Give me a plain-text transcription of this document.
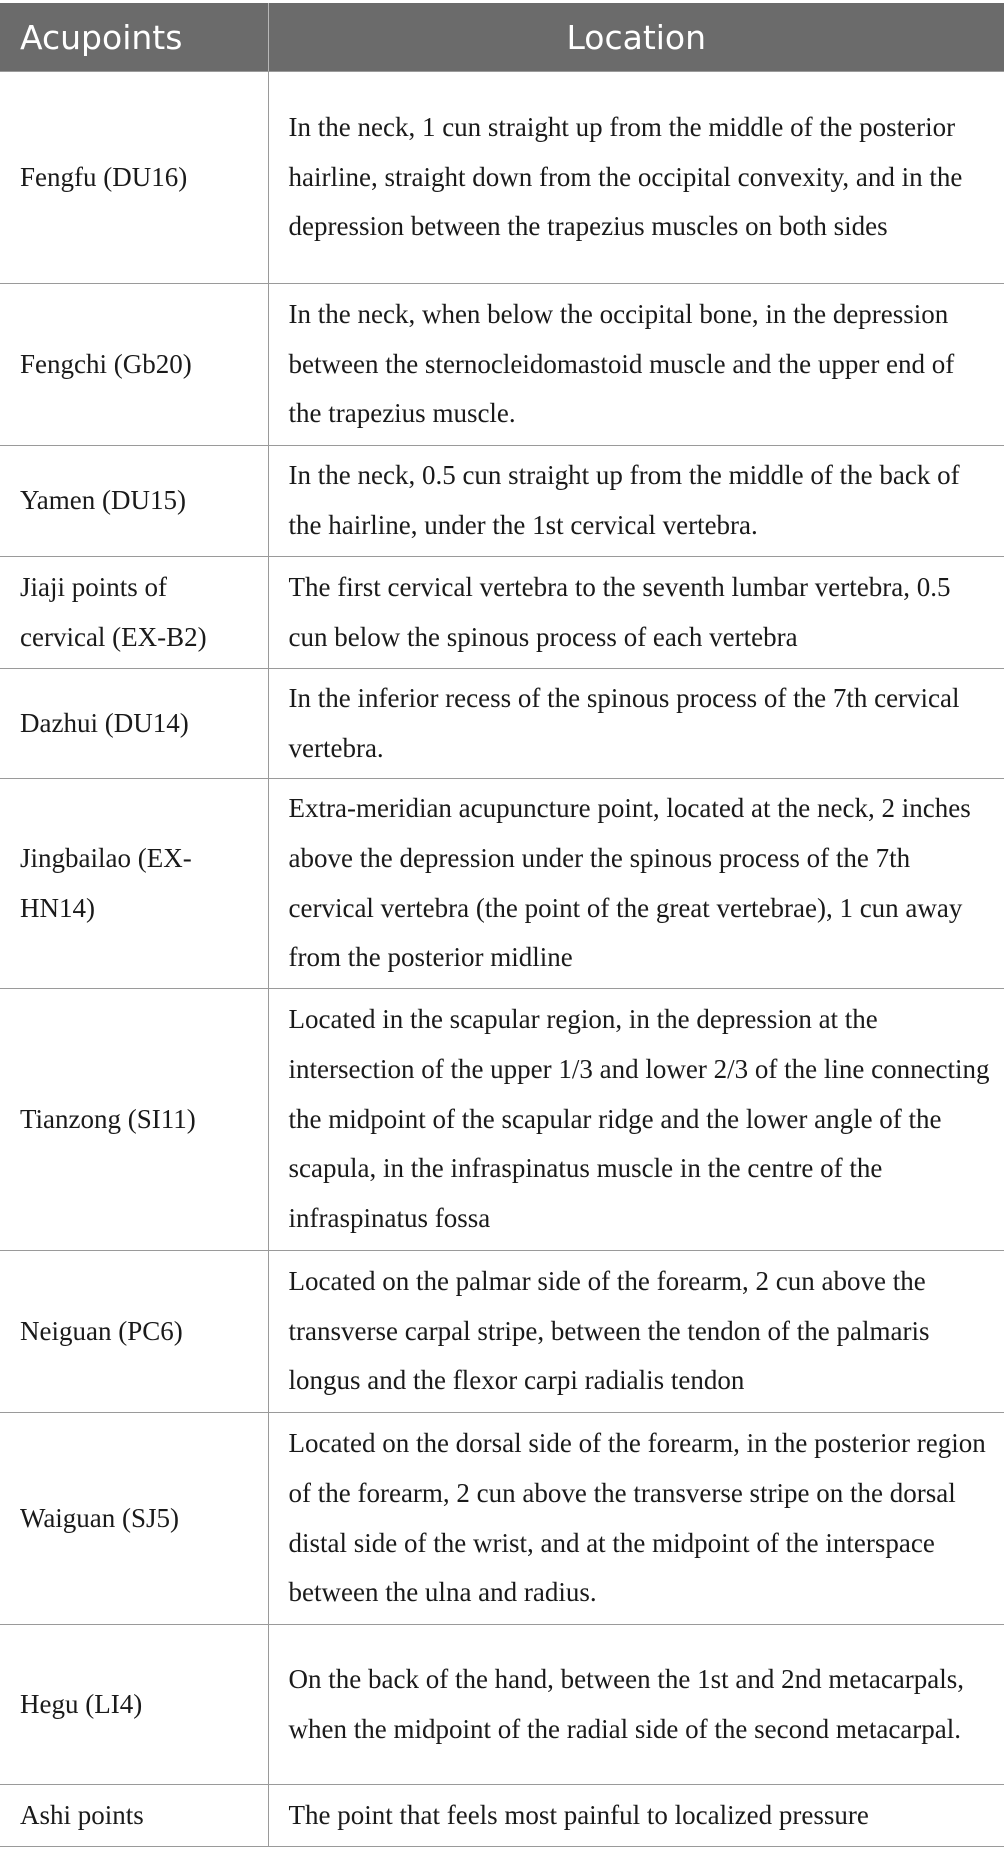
Acupoints	Location
Fengfu (DU16)	In the neck, 1 cun straight up from the middle of the posterior hairline, straight down from the occipital convexity, and in the depression between the trapezius muscles on both sides
Fengchi (Gb20)	In the neck, when below the occipital bone, in the depression between the sternocleidomastoid muscle and the upper end of the trapezius muscle.
Yamen (DU15)	In the neck, 0.5 cun straight up from the middle of the back of the hairline, under the 1st cervical vertebra.
Jiaji points of cervical (EX-B2)	The first cervical vertebra to the seventh lumbar vertebra, 0.5 cun below the spinous process of each vertebra
Dazhui (DU14)	In the inferior recess of the spinous process of the 7th cervical vertebra.
Jingbailao (EX-HN14)	Extra-meridian acupuncture point, located at the neck, 2 inches above the depression under the spinous process of the 7th cervical vertebra (the point of the great vertebrae), 1 cun away from the posterior midline
Tianzong (SI11)	Located in the scapular region, in the depression at the intersection of the upper 1/3 and lower 2/3 of the line connecting the midpoint of the scapular ridge and the lower angle of the scapula, in the infraspinatus muscle in the centre of the infraspinatus fossa
Neiguan (PC6)	Located on the palmar side of the forearm, 2 cun above the transverse carpal stripe, between the tendon of the palmaris longus and the flexor carpi radialis tendon
Waiguan (SJ5)	Located on the dorsal side of the forearm, in the posterior region of the forearm, 2 cun above the transverse stripe on the dorsal distal side of the wrist, and at the midpoint of the interspace between the ulna and radius.
Hegu (LI4)	On the back of the hand, between the 1st and 2nd metacarpals, when the midpoint of the radial side of the second metacarpal.
Ashi points	The point that feels most painful to localized pressure
